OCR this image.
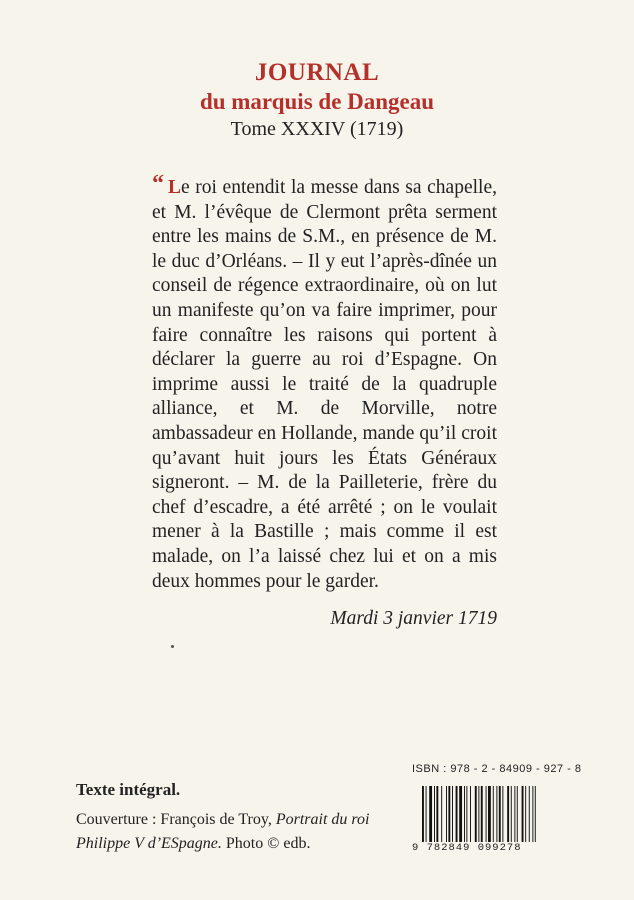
JOURNAL
du marquis de Dangeau
Tome XXXIV (1719)
“ Le roi entendit la messe dans sa chapelle, et M. l’évêque de Clermont prêta serment entre les mains de S.M., en présence de M. le duc d’Orléans. – Il y eut l’après-dînée un conseil de régence extraordinaire, où on lut un manifeste qu’on va faire imprimer, pour faire connaître les raisons qui portent à déclarer la guerre au roi d’Espagne. On imprime aussi le traité de la quadruple alliance, et M. de Morville, notre ambassadeur en Hollande, mande qu’il croit qu’avant huit jours les États Généraux signeront. – M. de la Pailleterie, frère du chef d’escadre, a été arrêté ; on le voulait mener à la Bastille ; mais comme il est malade, on l’a laissé chez lui et on a mis deux hommes pour le garder.
Mardi 3 janvier 1719
Texte intégral.
Couverture : François de Troy, Portrait du roi Philippe V d’ESpagne. Photo © edb.
ISBN : 978 - 2 - 84909 - 927 - 8
9 782849 099278
